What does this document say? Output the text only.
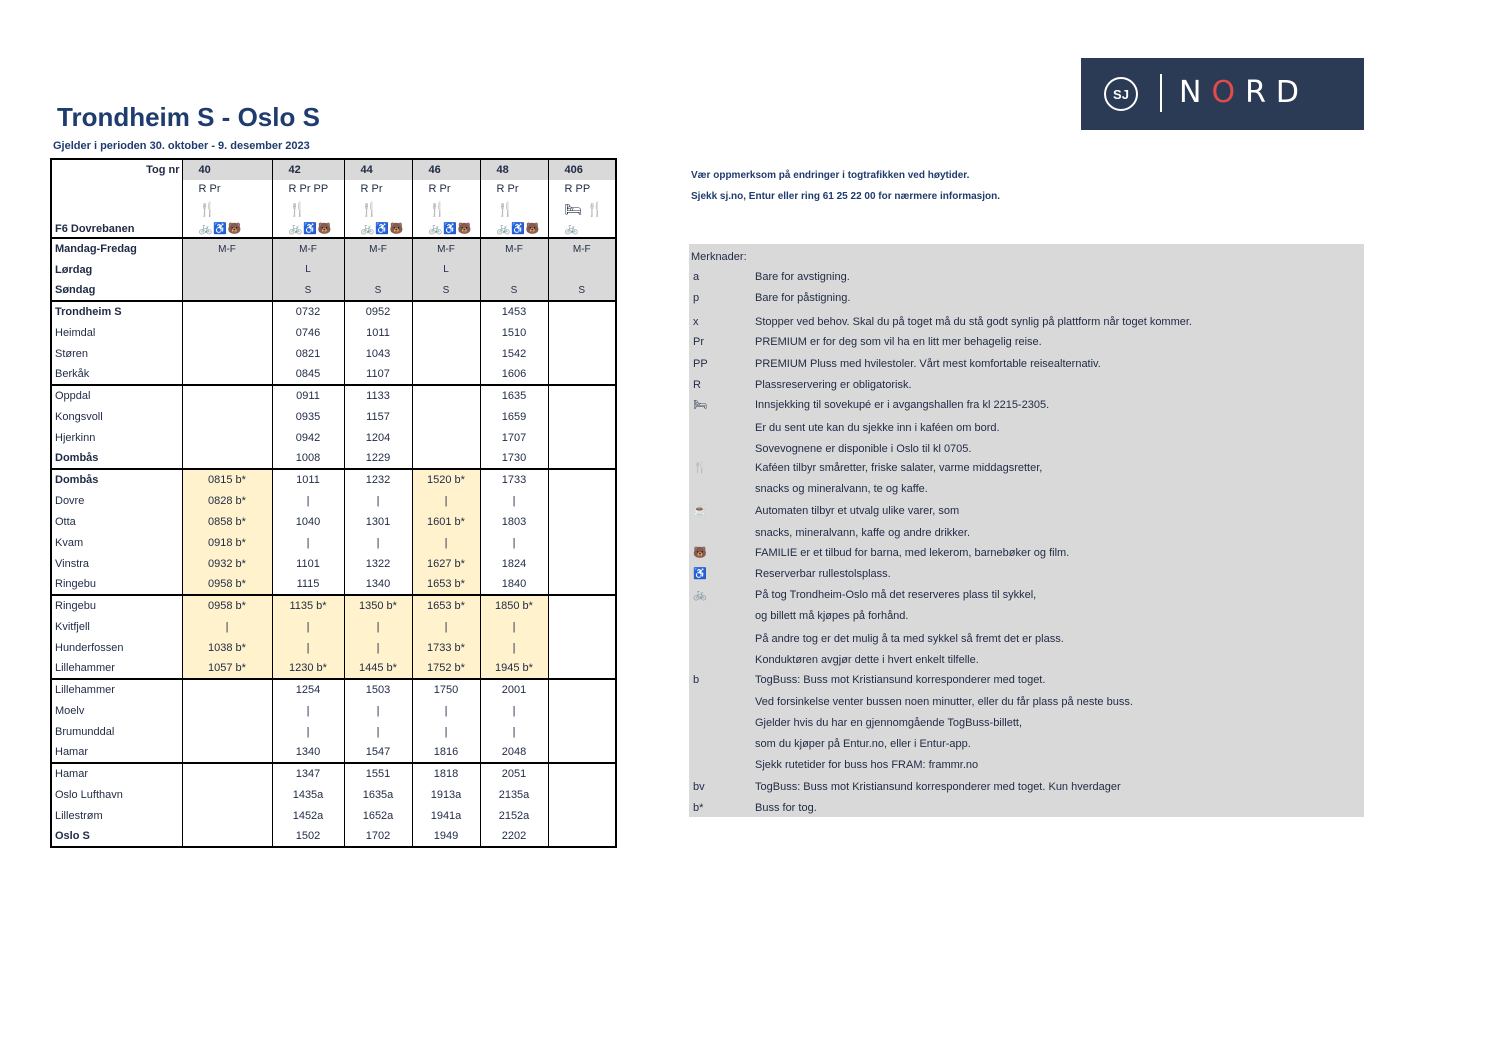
SJ NORD
Trondheim S - Oslo S
Gjelder i perioden 30. oktober - 9. desember 2023
Tog nr	40	42	44	46	48	406
	R Pr	R Pr PP	R Pr	R Pr	R Pr	R PP
	🍴	🍴	🍴	🍴	🍴	🛏 🍴
F6 Dovrebanen	🚲♿🐻	🚲♿🐻	🚲♿🐻	🚲♿🐻	🚲♿🐻	🚲
Mandag-Fredag	M-F	M-F	M-F	M-F	M-F	M-F
Lørdag		L		L		
Søndag		S	S	S	S	S
Trondheim S		0732	0952		1453	
Heimdal		0746	1011		1510	
Støren		0821	1043		1542	
Berkåk		0845	1107		1606	
Oppdal		0911	1133		1635	
Kongsvoll		0935	1157		1659	
Hjerkinn		0942	1204		1707	
Dombås		1008	1229		1730	
Dombås	0815 b*	1011	1232	1520 b*	1733	
Dovre	0828 b*	|	|	|	|	
Otta	0858 b*	1040	1301	1601 b*	1803	
Kvam	0918 b*	|	|	|	|	
Vinstra	0932 b*	1101	1322	1627 b*	1824	
Ringebu	0958 b*	1115	1340	1653 b*	1840	
Ringebu	0958 b*	1135 b*	1350 b*	1653 b*	1850 b*	
Kvitfjell	|	|	|	|	|	
Hunderfossen	1038 b*	|	|	1733 b*	|	
Lillehammer	1057 b*	1230 b*	1445 b*	1752 b*	1945 b*	
Lillehammer		1254	1503	1750	2001	
Moelv		|	|	|	|	
Brumunddal		|	|	|	|	
Hamar		1340	1547	1816	2048	
Hamar		1347	1551	1818	2051	
Oslo Lufthavn		1435a	1635a	1913a	2135a	
Lillestrøm		1452a	1652a	1941a	2152a	
Oslo S		1502	1702	1949	2202	
Vær oppmerksom på endringer i togtrafikken ved høytider.
Sjekk sj.no, Entur eller ring 61 25 22 00 for nærmere informasjon.
Merknader:
a	Bare for avstigning.
p	Bare for påstigning.
x	Stopper ved behov. Skal du på toget må du stå godt synlig på plattform når toget kommer.
Pr	PREMIUM er for deg som vil ha en litt mer behagelig reise.
PP	PREMIUM Pluss med hvilestoler. Vårt mest komfortable reisealternativ.
R	Plassreservering er obligatorisk.
🛏	Innsjekking til sovekupé er i avgangshallen fra kl 2215-2305.
Er du sent ute kan du sjekke inn i kaféen om bord.
Sovevognene er disponible i Oslo til kl 0705.
🍴	Kaféen tilbyr småretter, friske salater, varme middagsretter,
snacks og mineralvann, te og kaffe.
☕	Automaten tilbyr et utvalg ulike varer, som
snacks, mineralvann, kaffe og andre drikker.
🐻	FAMILIE er et tilbud for barna, med lekerom, barnebøker og film.
♿	Reserverbar rullestolsplass.
🚲	På tog Trondheim-Oslo må det reserveres plass til sykkel,
og billett må kjøpes på forhånd.
På andre tog er det mulig å ta med sykkel så fremt det er plass.
Konduktøren avgjør dette i hvert enkelt tilfelle.
b	TogBuss: Buss mot Kristiansund korresponderer med toget.
Ved forsinkelse venter bussen noen minutter, eller du får plass på neste buss.
Gjelder hvis du har en gjennomgående TogBuss-billett,
som du kjøper på Entur.no, eller i Entur-app.
Sjekk rutetider for buss hos FRAM: frammr.no
bv	TogBuss: Buss mot Kristiansund korresponderer med toget. Kun hverdager
b*	Buss for tog.
